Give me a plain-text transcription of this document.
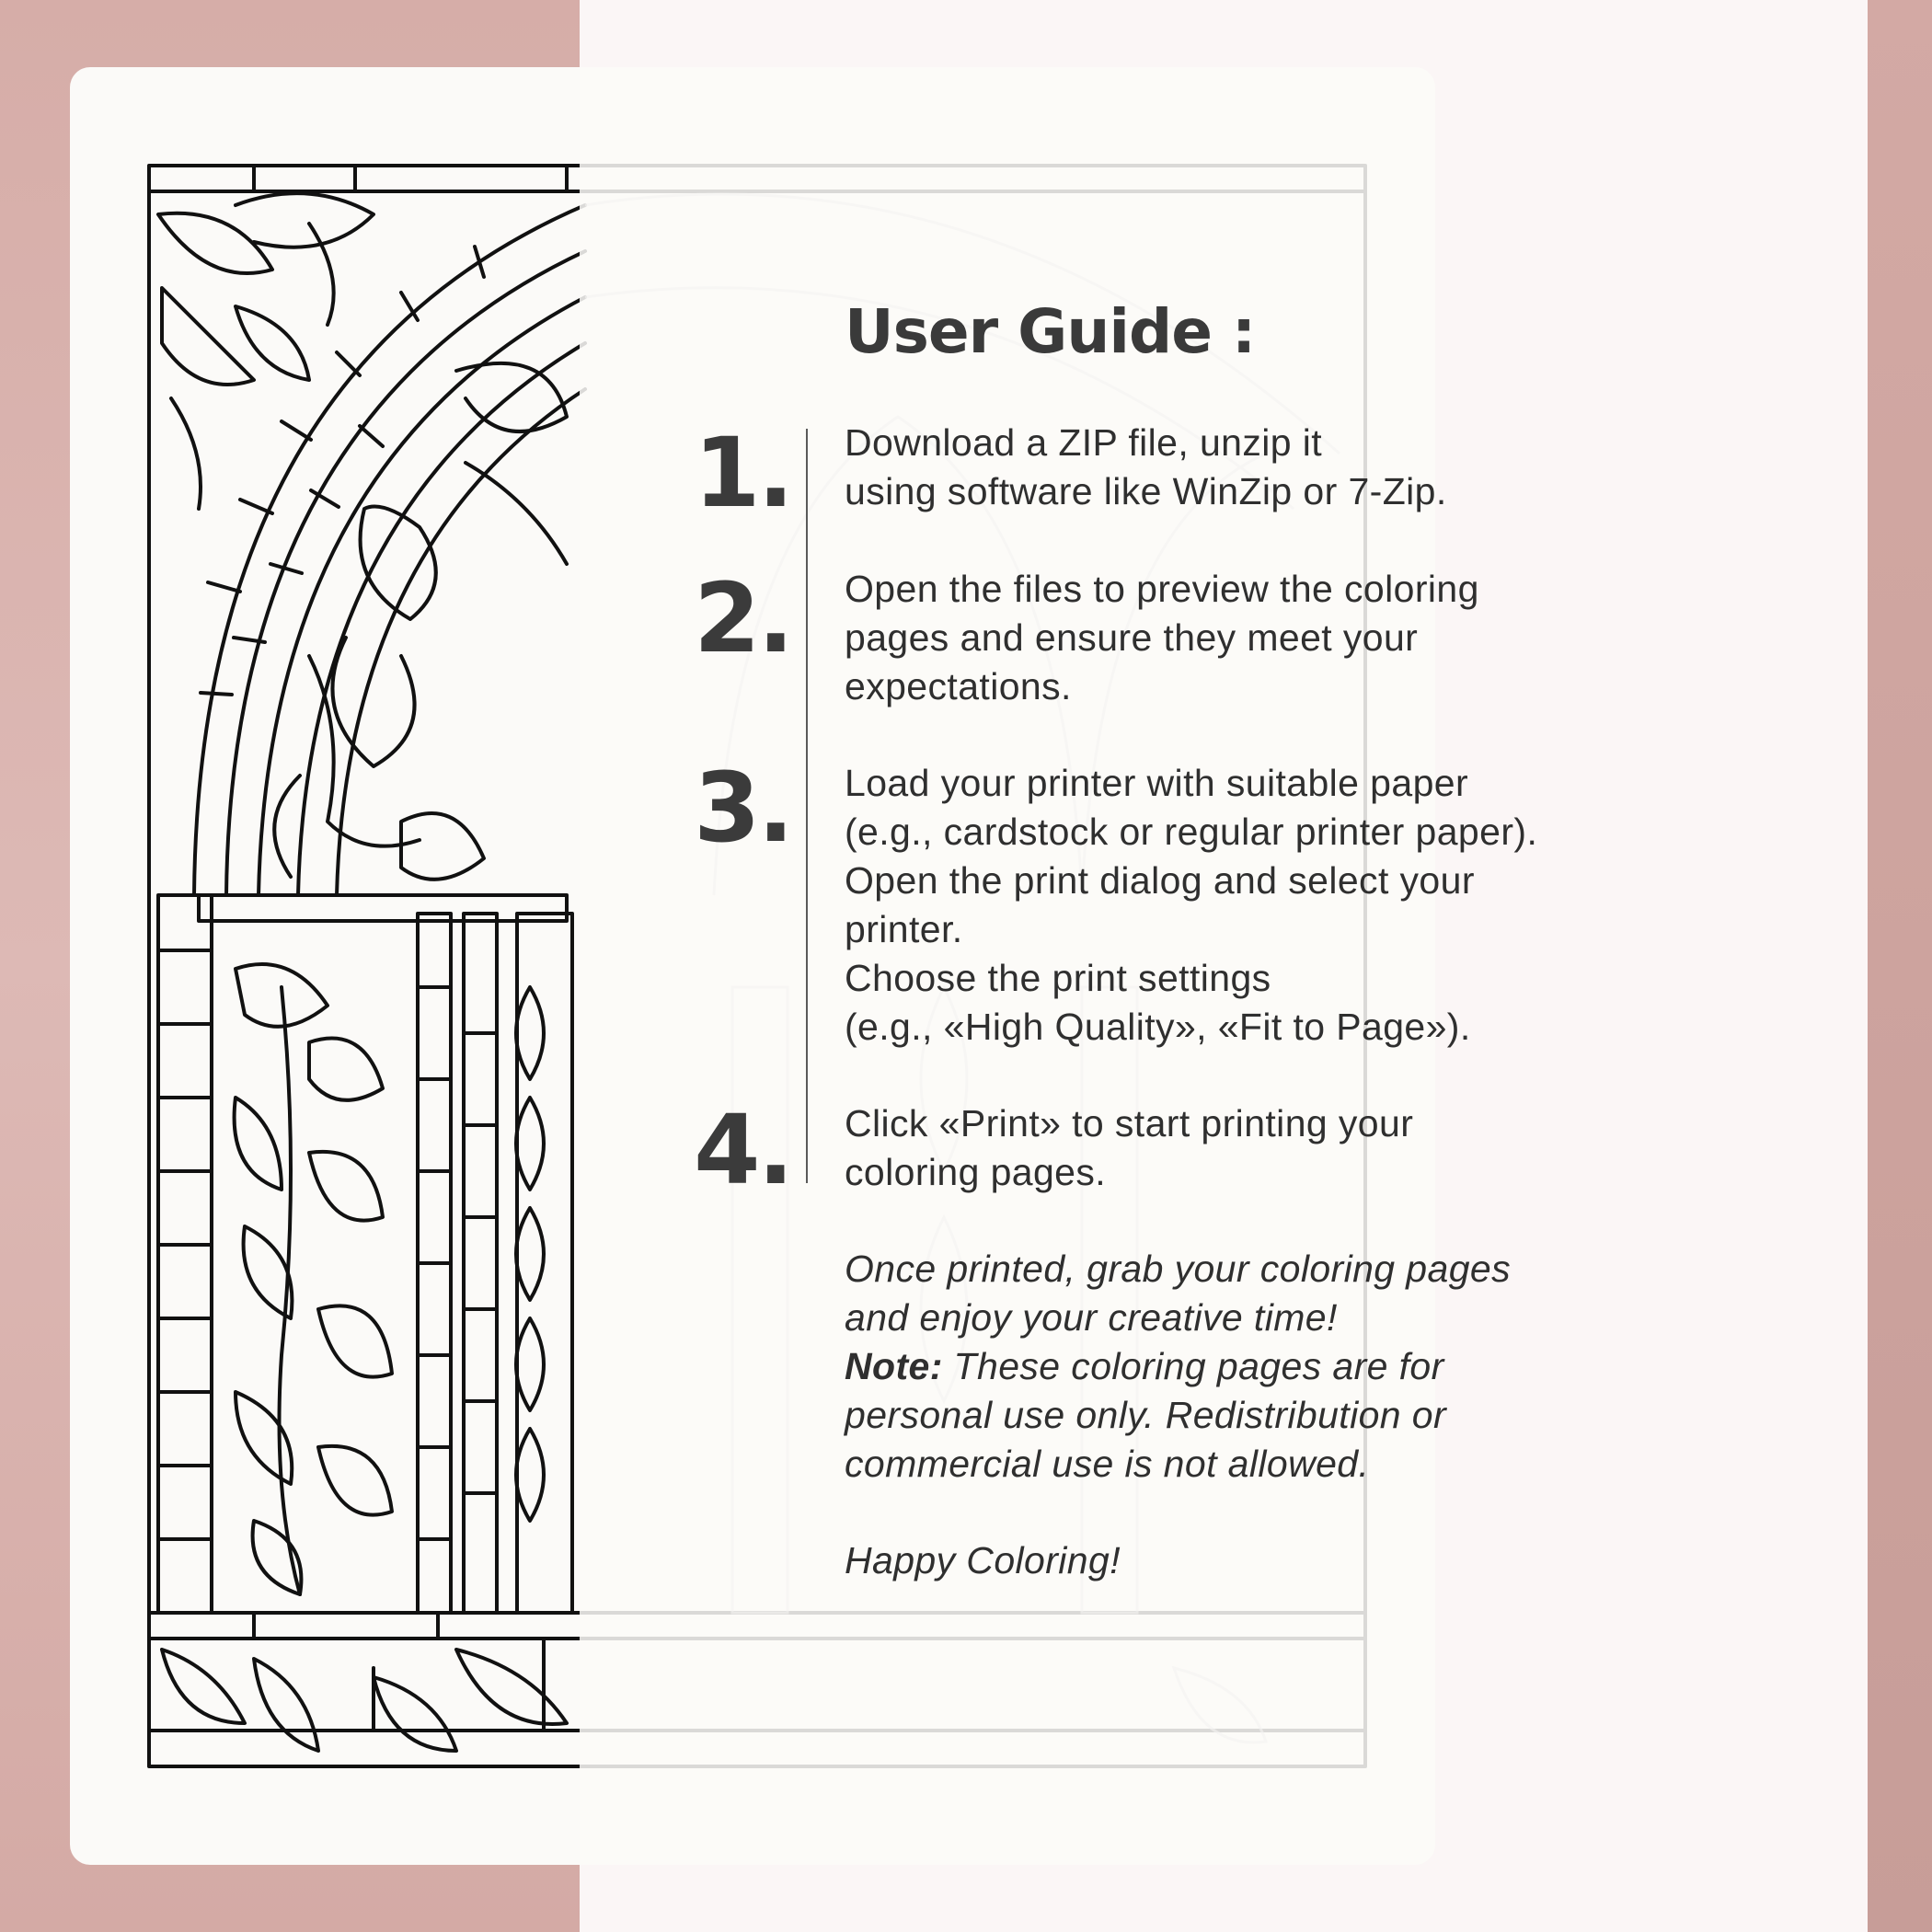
User Guide :
1. Download a ZIP file, unzip it
using software like WinZip or 7-Zip.
2. Open the files to preview the coloring
pages and ensure they meet your
expectations.
3. Load your printer with suitable paper
(e.g., cardstock or regular printer paper).
Open the print dialog and select your
printer.
Choose the print settings
(e.g., «High Quality», «Fit to Page»).
4. Click «Print» to start printing your
coloring pages.
Once printed, grab your coloring pages
and enjoy your creative time!
Note: These coloring pages are for
personal use only. Redistribution or
commercial use is not allowed.
Happy Coloring!
